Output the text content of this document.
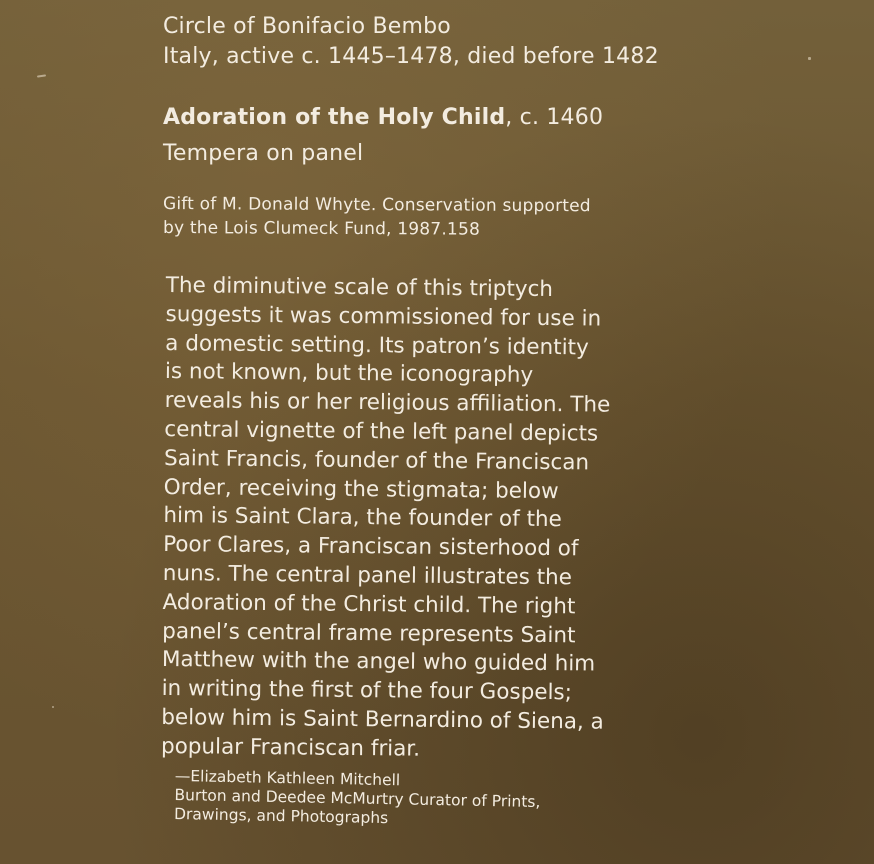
Circle of Bonifacio Bembo
Italy, active c. 1445–1478, died before 1482
Adoration of the Holy Child, c. 1460
Tempera on panel
Gift of M. Donald Whyte. Conservation supported
by the Lois Clumeck Fund, 1987.158
The diminutive scale of this triptych
suggests it was commissioned for use in
a domestic setting. Its patron’s identity
is not known, but the iconography
reveals his or her religious affiliation. The
central vignette of the left panel depicts
Saint Francis, founder of the Franciscan
Order, receiving the stigmata; below
him is Saint Clara, the founder of the
Poor Clares, a Franciscan sisterhood of
nuns. The central panel illustrates the
Adoration of the Christ child. The right
panel’s central frame represents Saint
Matthew with the angel who guided him
in writing the first of the four Gospels;
below him is Saint Bernardino of Siena, a
popular Franciscan friar.
—Elizabeth Kathleen Mitchell
Burton and Deedee McMurtry Curator of Prints,
Drawings, and Photographs
